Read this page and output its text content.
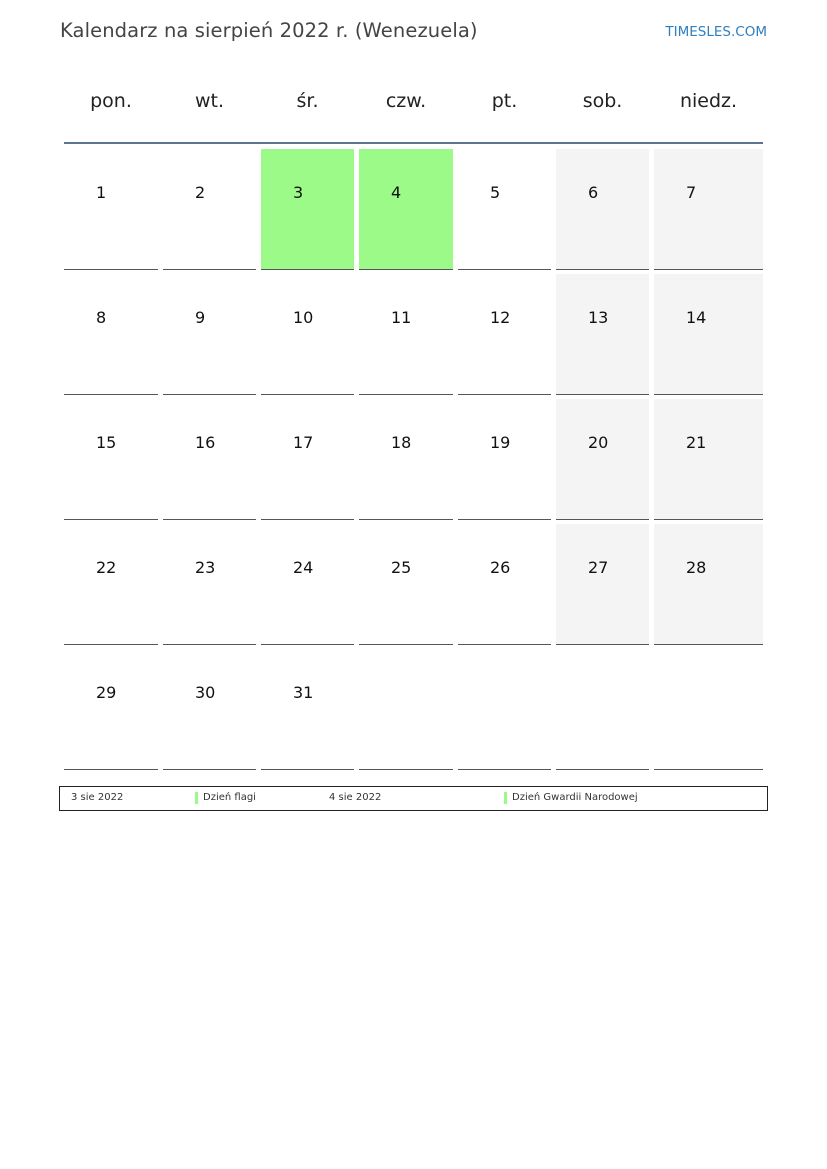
Kalendarz na sierpień 2022 r. (Wenezuela)	TIMESLES.COM
pon.	wt.	śr.	czw.	pt.	sob.	niedz.
1	2	3	4	5	6	7
8	9	10	11	12	13	14
15	16	17	18	19	20	21
22	23	24	25	26	27	28
29	30	31
3 sie 2022	Dzień flagi	4 sie 2022	Dzień Gwardii Narodowej
